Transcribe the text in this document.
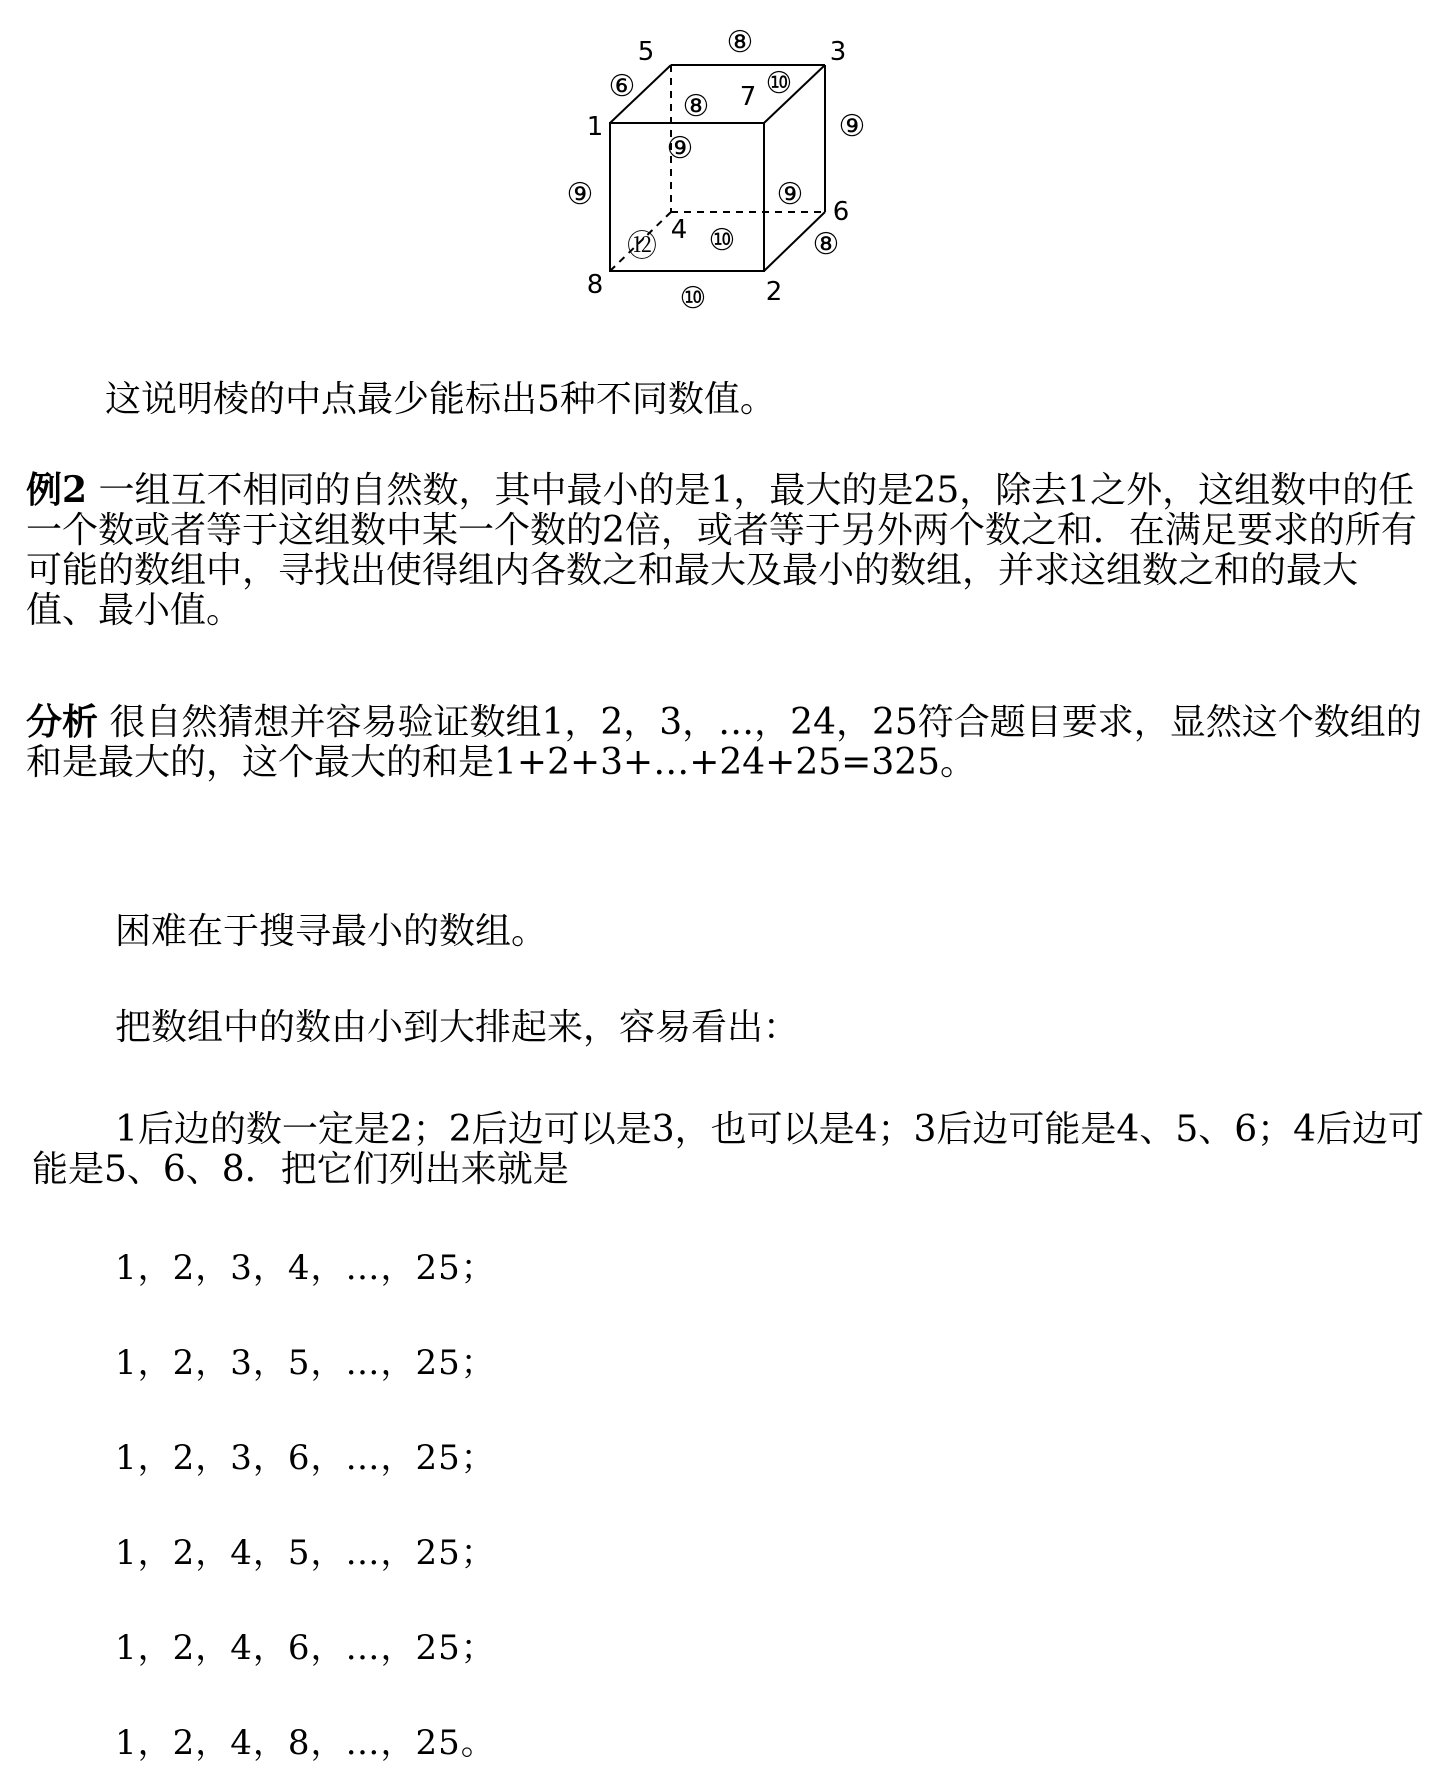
5	3
1
7
6
4
8	2
⑧
⑥	⑩
⑧
⑨
⑨
⑨	⑨
⑧
⑫ ⑩
⑩
这说明棱的中点最少能标出5种不同数值。
例2 一组互不相同的自然数，其中最小的是1，最大的是25，除去1之外，这组数中的任一个数或者等于这组数中某一个数的2倍，或者等于另外两个数之和．在满足要求的所有可能的数组中，寻找出使得组内各数之和最大及最小的数组，并求这组数之和的最大值、最小值。
分析 很自然猜想并容易验证数组1，2，3，…，24，25符合题目要求，显然这个数组的和是最大的，这个最大的和是1+2+3+…+24+25=325。
困难在于搜寻最小的数组。
把数组中的数由小到大排起来，容易看出：
1后边的数一定是2；2后边可以是3，也可以是4；3后边可能是4、5、6；4后边可能是5、6、8．把它们列出来就是
1，2，3，4，…，25；
1，2，3，5，…，25；
1，2，3，6，…，25；
1，2，4，5，…，25；
1，2，4，6，…，25；
1，2，4，8，…，25。
